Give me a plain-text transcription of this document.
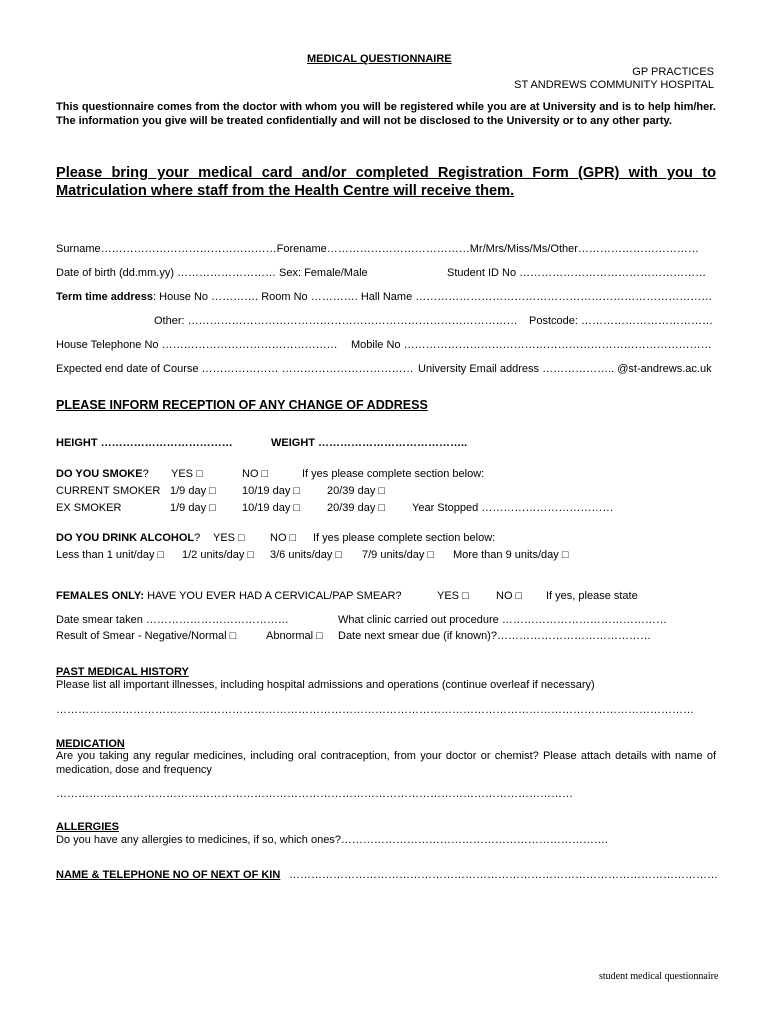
MEDICAL QUESTIONNAIRE
GP PRACTICES
ST ANDREWS COMMUNITY HOSPITAL
This questionnaire comes from the doctor with whom you will be registered while you are at University and is to help him/her. The information you give will be treated confidentially and will not be disclosed to the University or to any other party.
Please bring your medical card and/or completed Registration Form (GPR) with you to Matriculation where staff from the Health Centre will receive them.
Surname…………………………………………Forename…………………………………Mr/Mrs/Miss/Ms/Other……………………………
Date of birth (dd.mm.yy) ……………………… Sex: Female/Male	Student ID No ……………………………………………
Term time address: House No …………. Room No …………. Hall Name ………………………………………………………………………
Other: ……………………………………………………………………………… Postcode: ………………………………
House Telephone No ………………………………………… Mobile No …………………………………………………………………………
Expected end date of Course ………………… ……………………………… University Email address ……………….. @st-andrews.ac.uk
PLEASE INFORM RECEPTION OF ANY CHANGE OF ADDRESS
HEIGHT ………………………………	WEIGHT …………………………………..
DO YOU SMOKE? YES □	NO □	If yes please complete section below:
CURRENT SMOKER 1/9 day □ 10/19 day □ 20/39 day □
EX SMOKER	1/9 day □ 10/19 day □ 20/39 day □ Year Stopped ………………………………
DO YOU DRINK ALCOHOL? YES □ NO □ If yes please complete section below:
Less than 1 unit/day □ 1/2 units/day □ 3/6 units/day □ 7/9 units/day □ More than 9 units/day □
FEMALES ONLY: HAVE YOU EVER HAD A CERVICAL/PAP SMEAR?	YES □ NO □ If yes, please state
Date smear taken …………………………………	What clinic carried out procedure ………………………………………
Result of Smear - Negative/Normal □	Abnormal □ Date next smear due (if known)?……………………………………
PAST MEDICAL HISTORY
Please list all important illnesses, including hospital admissions and operations (continue overleaf if necessary)
…………………………………………………………………………………………………………………………………………………………
MEDICATION
Are you taking any regular medicines, including oral contraception, from your doctor or chemist? Please attach details with name of medication, dose and frequency
……………………………………………………………………………………………………………………………
ALLERGIES
Do you have any allergies to medicines, if so, which ones?……………………………………………………………….
NAME & TELEPHONE NO OF NEXT OF KIN ………………………………………………………………………………………………………
student medical questionnaire
